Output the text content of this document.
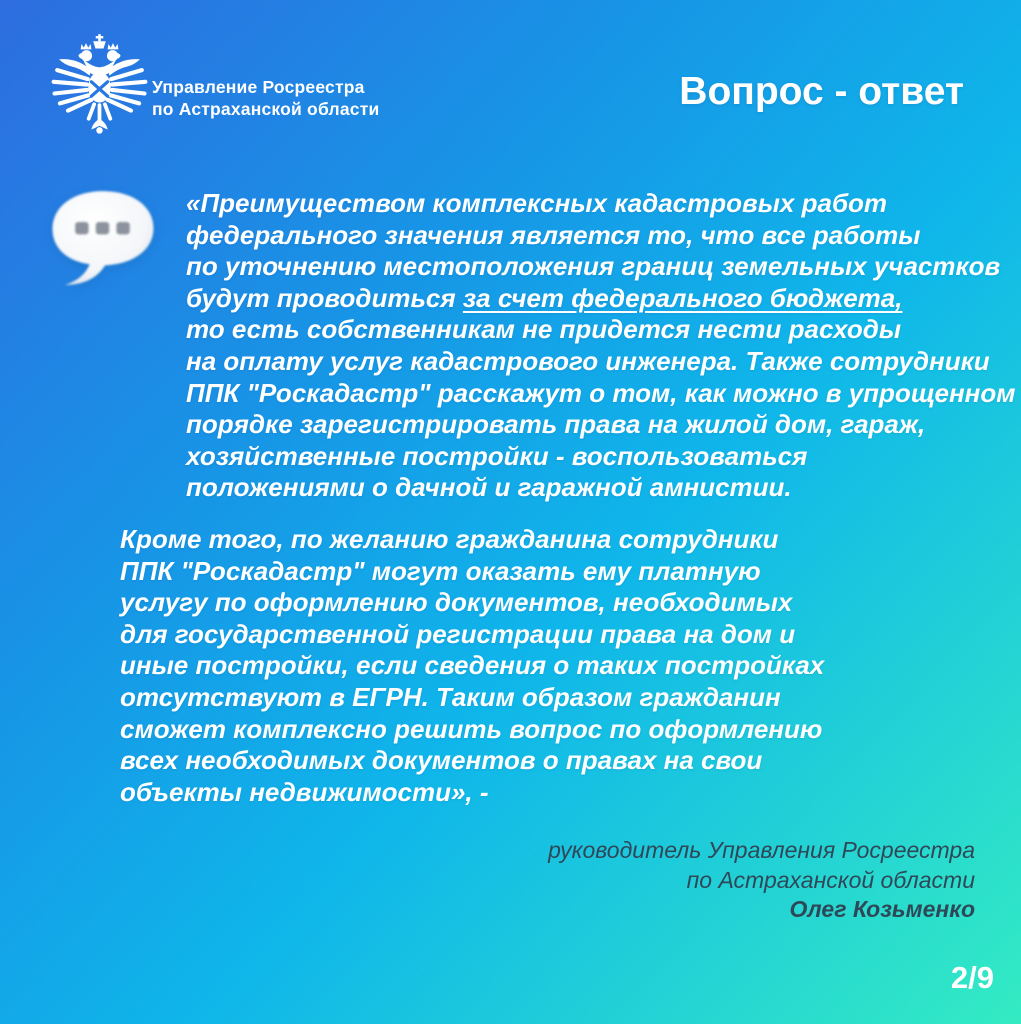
Управление Росреестра
по Астраханской области	Вопрос - ответ
«Преимуществом комплексных кадастровых работ
федерального значения является то, что все работы
по уточнению местоположения границ земельных участков
будут проводиться за счет федерального бюджета,
то есть собственникам не придется нести расходы
на оплату услуг кадастрового инженера. Также сотрудники
ППК "Роскадастр" расскажут о том, как можно в упрощенном
порядке зарегистрировать права на жилой дом, гараж,
хозяйственные постройки - воспользоваться
положениями о дачной и гаражной амнистии.
Кроме того, по желанию гражданина сотрудники
ППК "Роскадастр" могут оказать ему платную
услугу по оформлению документов, необходимых
для государственной регистрации права на дом и
иные постройки, если сведения о таких постройках
отсутствуют в ЕГРН. Таким образом гражданин
сможет комплексно решить вопрос по оформлению
всех необходимых документов о правах на свои
объекты недвижимости», -
руководитель Управления Росреестра
по Астраханской области
Олег Козьменко
2/9
